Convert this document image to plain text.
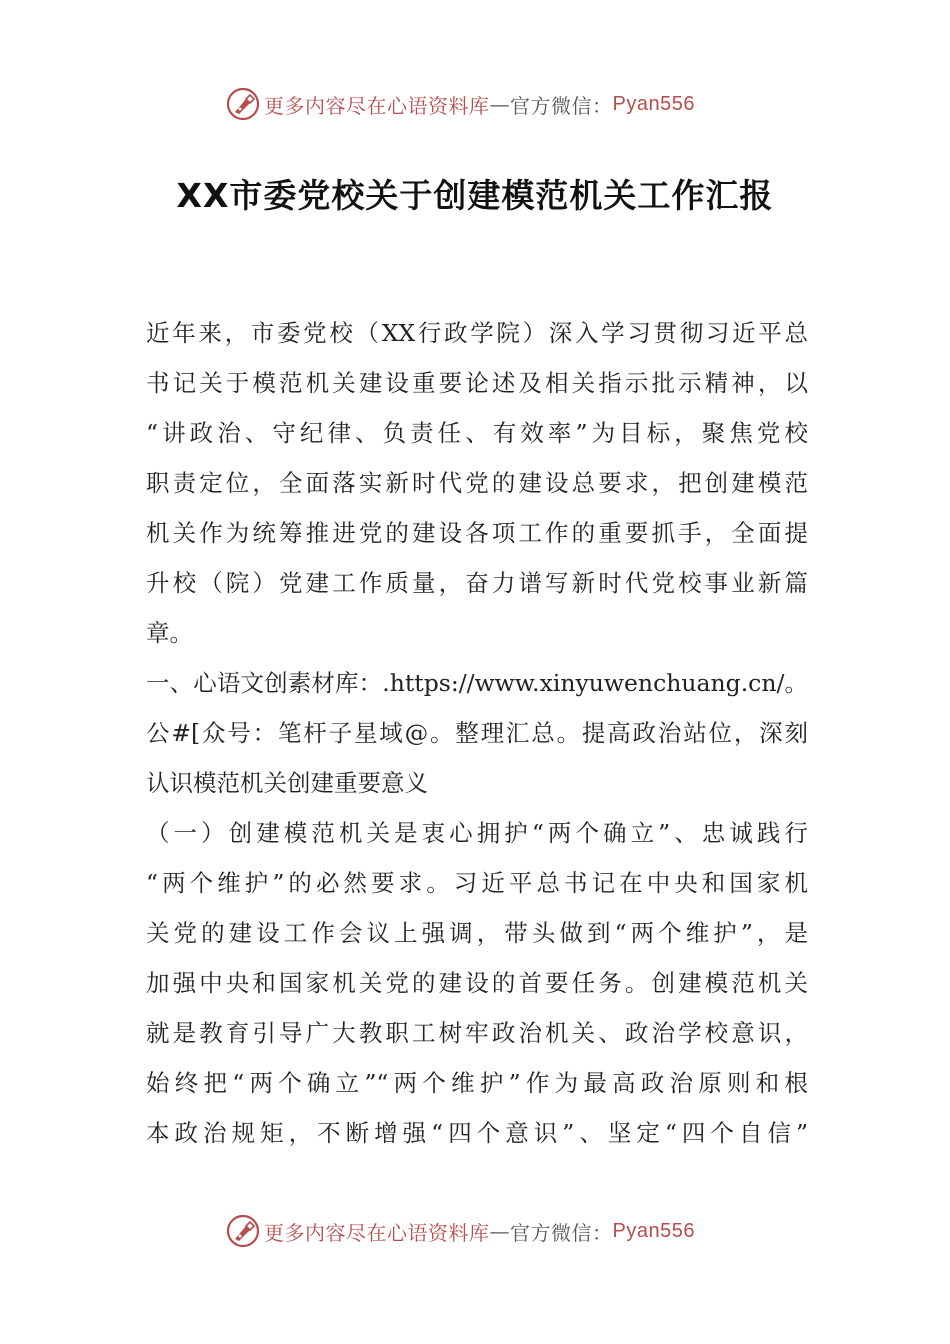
更多内容尽在心语资料库 — 官方微信： Pyan556
XX市委党校关于创建模范机关工作汇报
近年来，市委党校（XX行政学院）深入学习贯彻习近平总
书记关于模范机关建设重要论述及相关指示批示精神，以
“讲政治、守纪律、负责任、有效率”为目标，聚焦党校
职责定位，全面落实新时代党的建设总要求，把创建模范
机关作为统筹推进党的建设各项工作的重要抓手，全面提
升校（院）党建工作质量，奋力谱写新时代党校事业新篇
章。
一、心语文创素材库：.https://www.xinyuwenchuang.cn/。
公#[众号：笔杆子星域@。整理汇总。提高政治站位，深刻
认识模范机关创建重要意义
（一）创建模范机关是衷心拥护“两个确立”、忠诚践行
“两个维护”的必然要求。习近平总书记在中央和国家机
关党的建设工作会议上强调，带头做到“两个维护”，是
加强中央和国家机关党的建设的首要任务。创建模范机关
就是教育引导广大教职工树牢政治机关、政治学校意识，
始终把“两个确立”“两个维护”作为最高政治原则和根
本政治规矩，不断增强“四个意识”、坚定“四个自信”
更多内容尽在心语资料库 — 官方微信： Pyan556
